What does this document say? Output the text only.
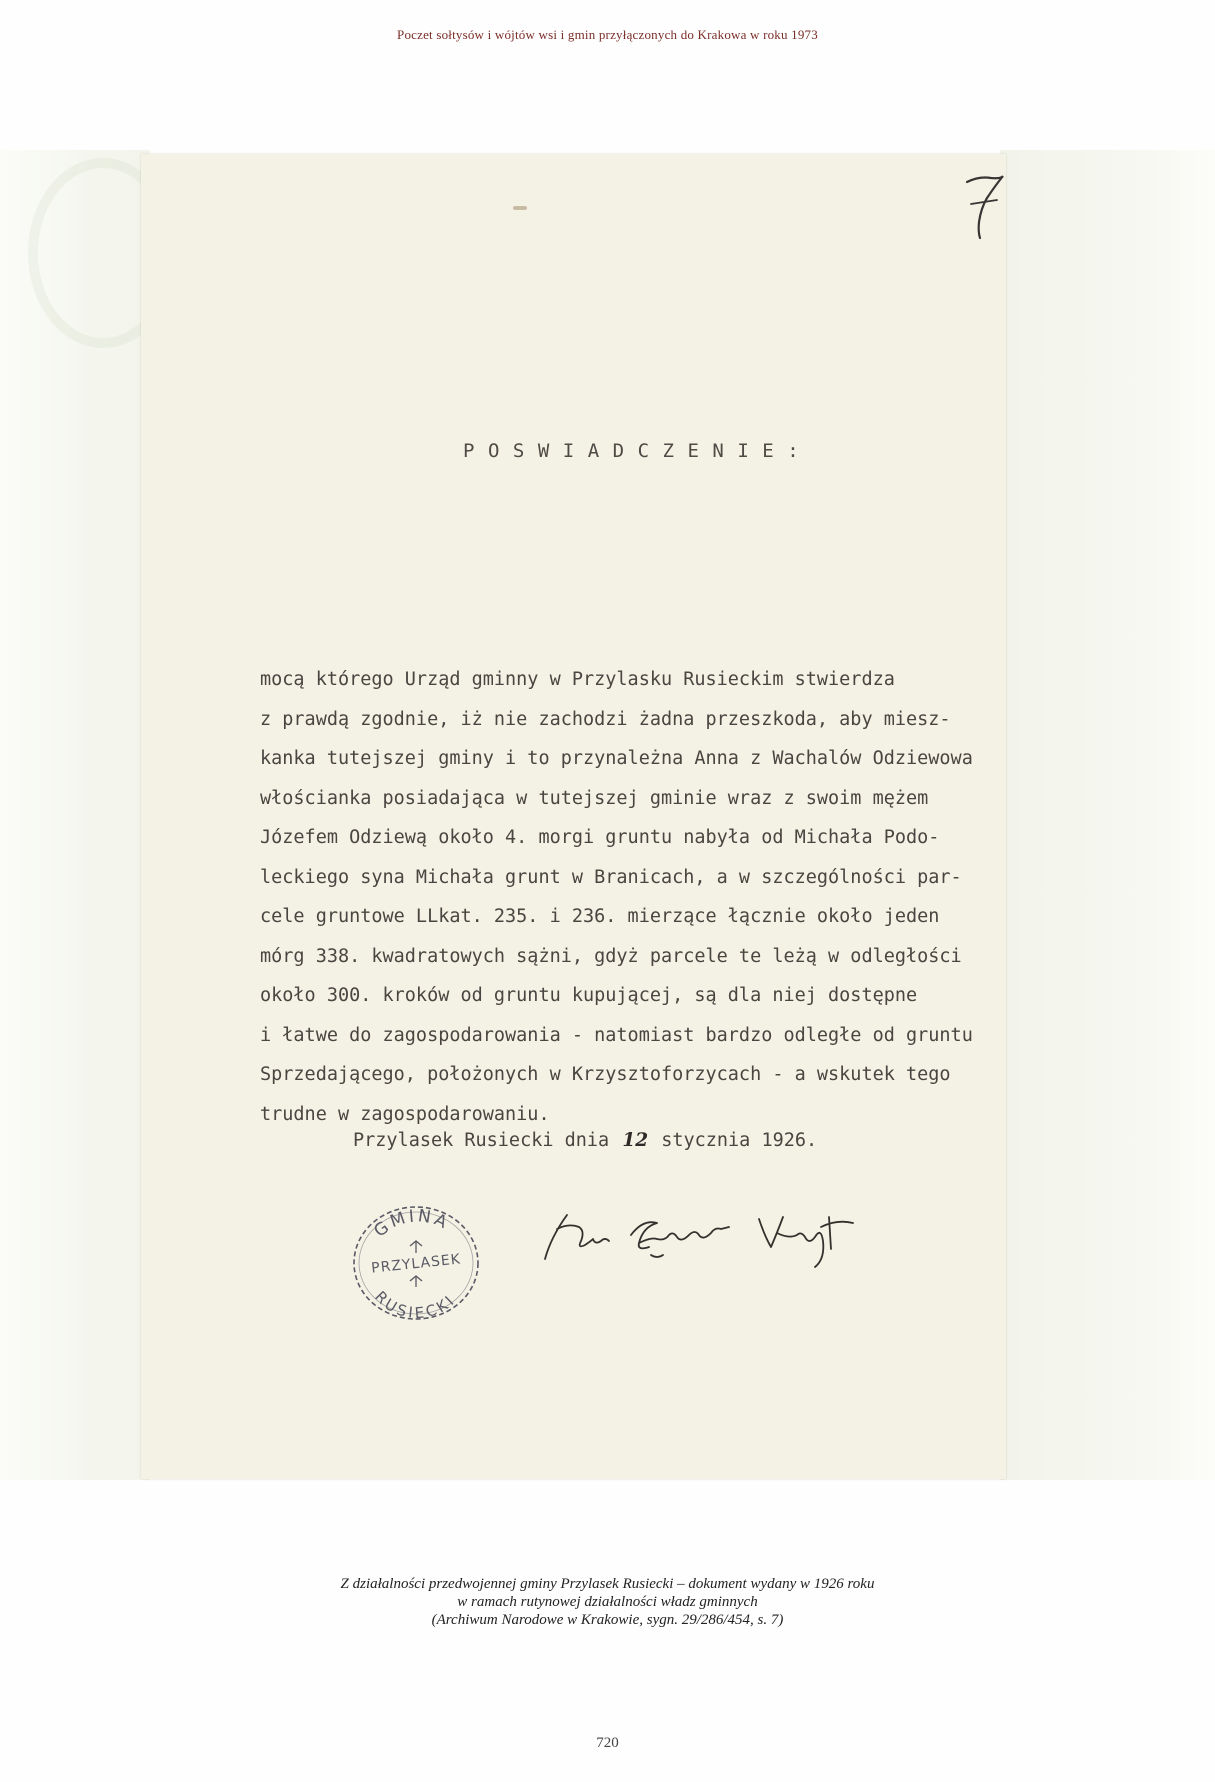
Poczet sołtysów i wójtów wsi i gmin przyłączonych do Krakowa w roku 1973
POSWIADCZENIE:
mocą którego Urząd gminny w Przylasku Rusieckim stwierdza
z prawdą zgodnie, iż nie zachodzi żadna przeszkoda, aby miesz-
kanka tutejszej gminy i to przynależna Anna z Wachalów Odziewowa
włościanka posiadająca w tutejszej gminie wraz z swoim mężem
Józefem Odziewą około 4. morgi gruntu nabyła od Michała Podo-
leckiego syna Michała grunt w Branicach, a w szczególności par-
cele gruntowe LLkat. 235. i 236. mierzące łącznie około jeden
mórg 338. kwadratowych sążni, gdyż parcele te leżą w odległości
około 300. kroków od gruntu kupującej, są dla niej dostępne
i łatwe do zagospodarowania - natomiast bardzo odległe od gruntu
Sprzedającego, położonych w Krzysztoforzycach - a wskutek tego
trudne w zagospodarowaniu.
Przylasek Rusiecki dnia 12 stycznia 1926.
GMINA
PRZYLASEK
RUSIECKI
Z działalności przedwojennej gminy Przylasek Rusiecki – dokument wydany w 1926 roku
w ramach rutynowej działalności władz gminnych
(Archiwum Narodowe w Krakowie, sygn. 29/286/454, s. 7)
720
